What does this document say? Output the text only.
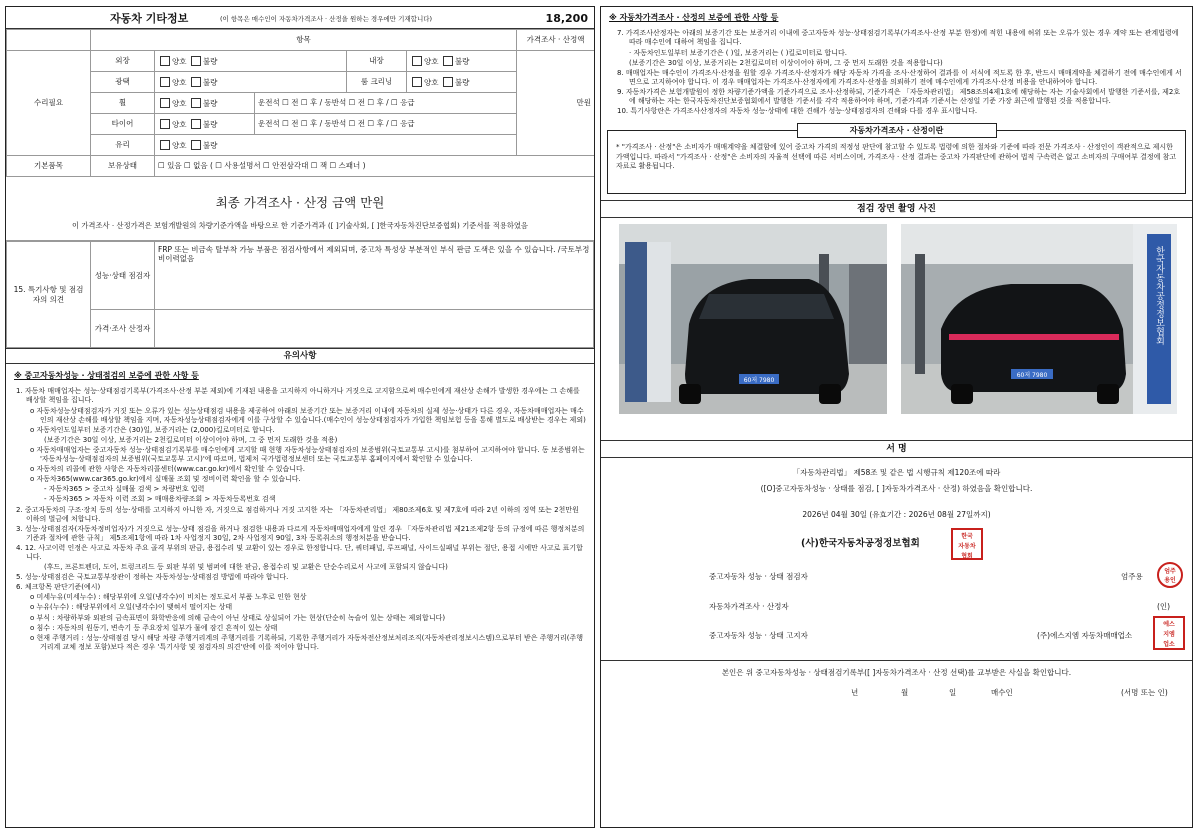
자동차 기타정보	(이 항목은 매수인이 자동차가격조사 · 산정을 원하는 경우에만 기재합니다)	18,200
	항목					가격조사 · 산정액
수리필요	외장	양호 불량		내장	양호 불량	만원
	광택	양호 불량		룸 크리닝	양호 불량	
	휠	양호 불량	운전석 ☐ 전 ☐ 후 / 동반석 ☐ 전 ☐ 후 / ☐ 응급			
	타이어	양호 불량	운전석 ☐ 전 ☐ 후 / 동반석 ☐ 전 ☐ 후 / ☐ 응급			
	유리	양호 불량				
기본품목	보유상태	☐ 있음 ☐ 없음 ( ☐ 사용설명서 ☐ 안전삼각대 ☐ 잭 ☐ 스패너 )				
최종 가격조사 · 산정 금액 만원
이 가격조사 · 산정가격은 보험개발원의 차량기준가액을 바탕으로 한 기준가격과 ([ ]기술사회, [ ]한국자동차진단보증협회) 기준서를 적용하였음
15. 특기사항 및 점검자의 의견	성능·상태 점검자	FRP 또는 비금속 탈부착 가능 부품은 점검사항에서 제외되며, 중고차 특성상 부분적인 부식 판금 도색은 있을 수 있습니다. /국토부정비이력없음
	가격·조사 산정자	
유의사항
※ 중고자동차성능 · 상태점검의 보증에 관한 사항 등

1. 자동차 매매업자는 성능·상태점검기록부(가격조사·산정 부분 제외)에 기재된 내용을 고지하지 아니하거나 거짓으로 고지함으로써 매수인에게 재산상 손해가 발생한 경우에는 그 손해를 배상할 책임을 집니다.

o 자동차성능상태점검자가 거짓 또는 오류가 있는 성능상태점검 내용을 제공하여 아래의 보증기간 또는 보증거리 이내에 자동차의 실제 성능·상태가 다른 경우, 자동차매매업자는 매수인의 재산상 손해를 배상할 책임을 지며, 자동차성능상태점검자에게 이를 구상할 수 있습니다.(매수인이 성능상태점검자가 가입한 책임보험 등을 통해 별도로 배상받는 경우는 제외)

o 자동차인도일부터 보증기간은 (30)일, 보증거리는 (2,000)킬로미터로 합니다.

(보증기간은 30일 이상, 보증거리는 2천킬로미터 이상이어야 하며, 그 중 먼저 도래한 것을 적용)

o 자동차매매업자는 중고자동차 성능·상태점검기록부를 매수인에게 고지할 때 현행 자동차성능상태점검자의 보증범위(국토교통부 고시)를 첨부하여 고지하여야 합니다. 동 보증범위는 '자동차성능·상태점검자의 보증범위(국토교통부 고시)'에 따르며, 법제처 국가법령정보센터 또는 국토교통부 홈페이지에서 확인할 수 있습니다.

o 자동차의 리콜에 관한 사항은 자동차리콜센터(www.car.go.kr)에서 확인할 수 있습니다.

o 자동차365(www.car365.go.kr)에서 실매물 조회 및 정비이력 확인을 할 수 있습니다.

- 자동차365 > 중고차 실매물 검색 > 차량번호 입력

- 자동차365 > 자동차 이력 조회 > 매매용차량조회 > 자동차등록번호 검색

2. 중고자동차의 구조·장치 등의 성능·상태를 고지하지 아니한 자, 거짓으로 점검하거나 거짓 고지한 자는 「자동차관리법」 제80조제6호 및 제7호에 따라 2년 이하의 징역 또는 2천만원 이하의 벌금에 처합니다.

3. 성능·상태점검자(자동차정비업자)가 거짓으로 성능·상태 점검을 하거나 점검한 내용과 다르게 자동차매매업자에게 알린 경우 「자동차관리법 제21조제2항 등의 규정에 따른 행정처분의 기준과 절차에 관한 규칙」 제5조제1항에 따라 1차 사업정지 30일, 2차 사업정지 90일, 3차 등록취소의 행정처분을 받습니다.

4. 12. 사고이력 인정은 사고로 자동차 주요 골격 부위의 판금, 용접수리 및 교환이 있는 경우로 한정합니다. 단, 쿼터패널, 루프패널, 사이드실패널 부위는 절단, 용접 시에만 사고로 표기합니다.

(후드, 프론트펜더, 도어, 트렁크리드 등 외판 부위 및 범퍼에 대한 판금, 용접수리 및 교환은 단순수리로서 사고에 포함되지 않습니다)

5. 성능·상태점검은 국토교통부장관이 정하는 자동차성능·상태점검 방법에 따라야 합니다.

6. 체크항목 판단기준(예시)

o 미세누유(미세누수) : 해당부위에 오일(냉각수)이 비치는 정도로서 부품 노후로 인한 현상

o 누유(누수) : 해당부위에서 오일(냉각수)이 맺혀서 떨어지는 상태

o 부식 : 차량하부와 외판의 금속표면이 화학반응에 의해 금속이 아닌 상태로 상실되어 가는 현상(단순히 녹슬어 있는 상태는 제외합니다)

o 침수 : 자동차의 원동기, 변속기 등 주요장치 일부가 물에 잠긴 흔적이 있는 상태

o 현재 주행거리 : 성능·상태점검 당시 해당 차량 주행거리계의 주행거리를 기록하되, 기록한 주행거리가 자동차전산정보처리조직(자동차관리정보시스템)으로부터 받은 주행거리(주행거리계 교체 정보 포함)보다 적은 경우 '특기사항 및 점검자의 의견'란에 이를 적어야 합니다.

※ 자동차가격조사 · 산정의 보증에 관한 사항 등

7. 가격조사산정자는 아래의 보증기간 또는 보증거리 이내에 중고자동차 성능·상태점검기록부(가격조사·산정 부분 한정)에 적힌 내용에 허위 또는 오류가 있는 경우 계약 또는 관계법령에 따라 매수인에 대하여 책임을 집니다.

· 자동차인도일부터 보증기간은 ( )일, 보증거리는 ( )킬로미터로 합니다.

(보증기간은 30일 이상, 보증거리는 2천킬로미터 이상이어야 하며, 그 중 먼저 도래한 것을 적용합니다)

8. 매매업자는 매수인이 가격조사·산정을 원할 경우 가격조사·산정자가 해당 자동차 가격을 조사·산정하여 결과를 이 서식에 적도록 한 후, 반드시 매매계약을 체결하기 전에 매수인에게 서면으로 고지하여야 합니다. 이 경우 매매업자는 가격조사·산정자에게 가격조사·산정을 의뢰하기 전에 매수인에게 가격조사·산정 비용을 안내하여야 합니다.

9. 자동차가격은 보험개발원이 정한 차량기준가액을 기준가격으로 조사·산정하되, 기준가격은 「자동차관리법」 제58조의4제1호에 해당하는 자는 기술사회에서 발행한 기준서를, 제2호에 해당하는 자는 한국자동차진단보증협회에서 발행한 기준서를 각각 적용하여야 하며, 기준가격과 기준서는 산정일 기준 가장 최근에 발행된 것을 적용합니다.

10. 특기사항란은 가격조사산정자의 자동차 성능·상태에 대한 견해가 성능·상태점검자의 견해와 다를 경우 표시합니다.

자동차가격조사 · 산정이란
* "가격조사 · 산정"은 소비자가 매매계약을 체결함에 있어 중고차 가격의 적정성 판단에 참고할 수 있도록 법령에 의한 절차와 기준에 따라 전문 가격조사 · 산정인이 객관적으로 제시한 가액입니다. 따라서 "가격조사 · 산정"은 소비자의 자율적 선택에 따른 서비스이며, 가격조사 · 산정 결과는 중고차 가격판단에 관하여 법적 구속력은 없고 소비자의 구매여부 결정에 참고자료로 활용됩니다.
점검 장면 촬영 사진
60저 7980
한국자동차공정정보협회
60저 7980
서 명
「자동차관리법」 제58조 및 같은 법 시행규칙 제120조에 따라
([O]중고자동차성능 · 상태를 점검, [ ]자동차가격조사 · 산정) 하였음을 확인합니다.
2026년 04월 30일 (유효기간 : 2026년 08월 27일까지)
(사)한국자동차공정정보협회
한국
자동차
협회
중고자동차 성능 · 상태 점검자	엄주용
엄주
용인
자동차가격조사 · 산정자	(인)
중고자동차 성능 · 상태 고지자	(주)에스지엠 자동차매매업소
에스
지엠
업소
본인은 위 중고자동차성능 · 상태점검기록부([ ]자동차가격조사 · 산정 선택)를 교부받은 사실을 확인합니다.
년	월	일	매수인	(서명 또는 인)
